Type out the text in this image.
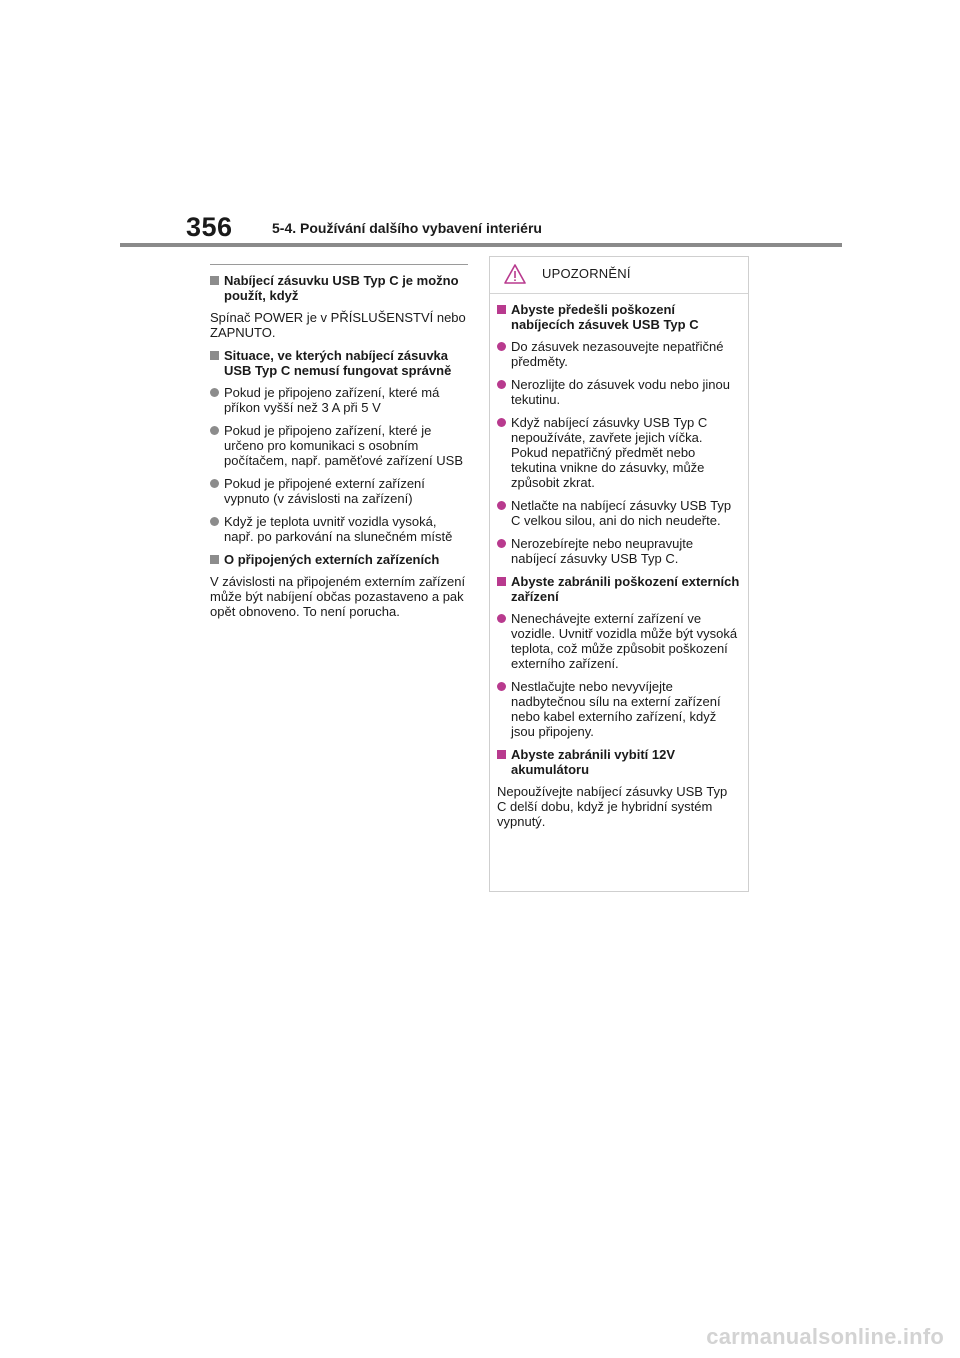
356	5-4. Používání dalšího vybavení interiéru
Nabíjecí zásuvku USB Typ C je možno použít, když

Spínač POWER je v PŘÍSLUŠENSTVÍ nebo ZAPNUTO.

Situace, ve kterých nabíjecí zásuvka USB Typ C nemusí fungovat správně
Pokud je připojeno zařízení, které má příkon vyšší než 3 A při 5 V
Pokud je připojeno zařízení, které je určeno pro komunikaci s osobním počítačem, např. paměťové zařízení USB
Pokud je připojené externí zařízení vypnuto (v závislosti na zařízení)
Když je teplota uvnitř vozidla vysoká, např. po parkování na slunečném místě
O připojených externích zařízeních

V závislosti na připojeném externím zařízení může být nabíjení občas pozastaveno a pak opět obnoveno. To není porucha.

UPOZORNĚNÍ
Abyste předešli poškození nabíjecích zásuvek USB Typ C
Do zásuvek nezasouvejte nepatřičné předměty.
Nerozlijte do zásuvek vodu nebo jinou tekutinu.
Když nabíjecí zásuvky USB Typ C nepoužíváte, zavřete jejich víčka. Pokud nepatřičný předmět nebo tekutina vnikne do zásuvky, může způsobit zkrat.
Netlačte na nabíjecí zásuvky USB Typ C velkou silou, ani do nich neudeřte.
Nerozebírejte nebo neupravujte nabíjecí zásuvky USB Typ C.
Abyste zabránili poškození externích zařízení
Nenechávejte externí zařízení ve vozidle. Uvnitř vozidla může být vysoká teplota, což může způsobit poškození externího zařízení.
Nestlačujte nebo nevyvíjejte nadbytečnou sílu na externí zařízení nebo kabel externího zařízení, když jsou připojeny.
Abyste zabránili vybití 12V akumulátoru

Nepoužívejte nabíjecí zásuvky USB Typ C delší dobu, když je hybridní systém vypnutý.

carmanualsonline.info
